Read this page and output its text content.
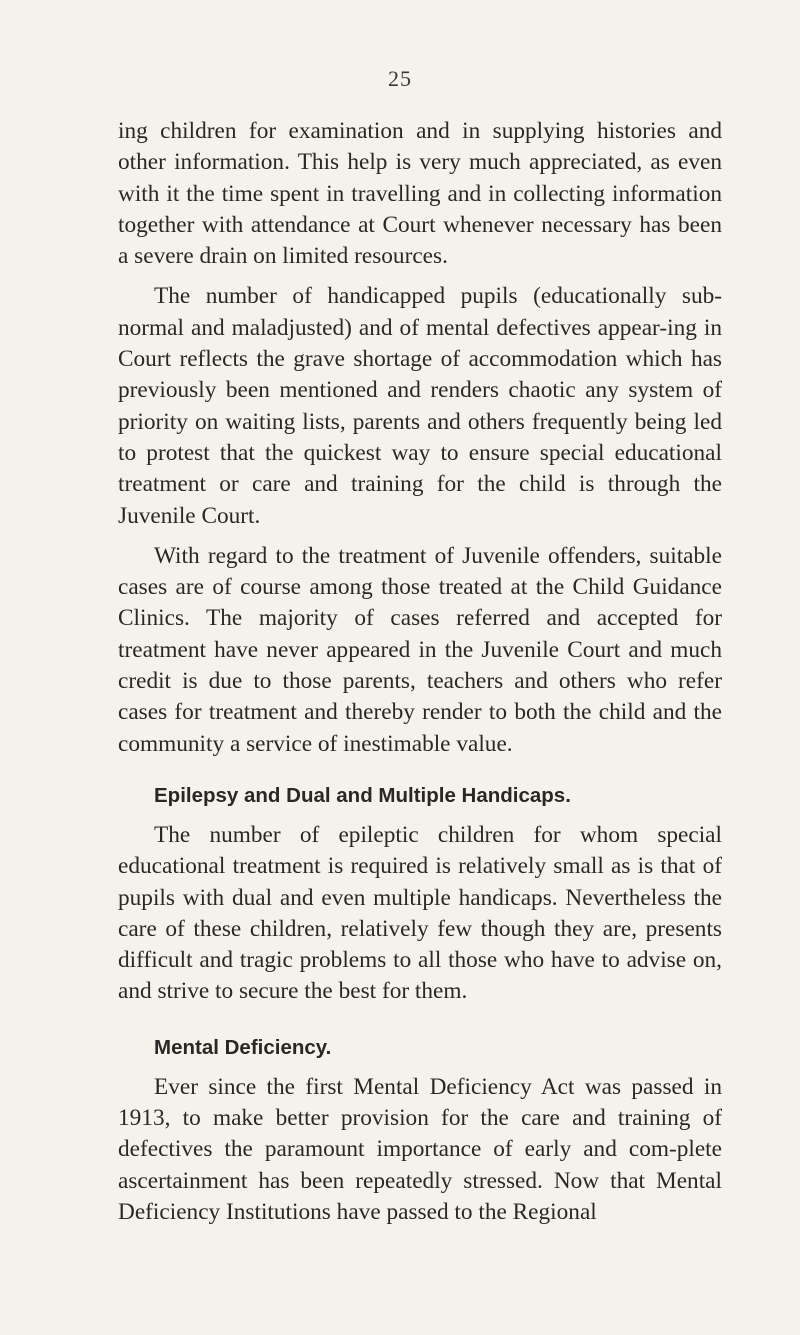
25

ing children for examination and in supplying histories and other information. This help is very much appreciated, as even with it the time spent in travelling and in collecting information together with attendance at Court whenever necessary has been a severe drain on limited resources.

The number of handicapped pupils (educationally sub-normal and maladjusted) and of mental defectives appear-ing in Court reflects the grave shortage of accommodation which has previously been mentioned and renders chaotic any system of priority on waiting lists, parents and others frequently being led to protest that the quickest way to ensure special educational treatment or care and training for the child is through the Juvenile Court.

With regard to the treatment of Juvenile offenders, suitable cases are of course among those treated at the Child Guidance Clinics. The majority of cases referred and accepted for treatment have never appeared in the Juvenile Court and much credit is due to those parents, teachers and others who refer cases for treatment and thereby render to both the child and the community a service of inestimable value.

Epilepsy and Dual and Multiple Handicaps.

The number of epileptic children for whom special educational treatment is required is relatively small as is that of pupils with dual and even multiple handicaps. Nevertheless the care of these children, relatively few though they are, presents difficult and tragic problems to all those who have to advise on, and strive to secure the best for them.

Mental Deficiency.

Ever since the first Mental Deficiency Act was passed in 1913, to make better provision for the care and training of defectives the paramount importance of early and com-plete ascertainment has been repeatedly stressed. Now that Mental Deficiency Institutions have passed to the Regional
